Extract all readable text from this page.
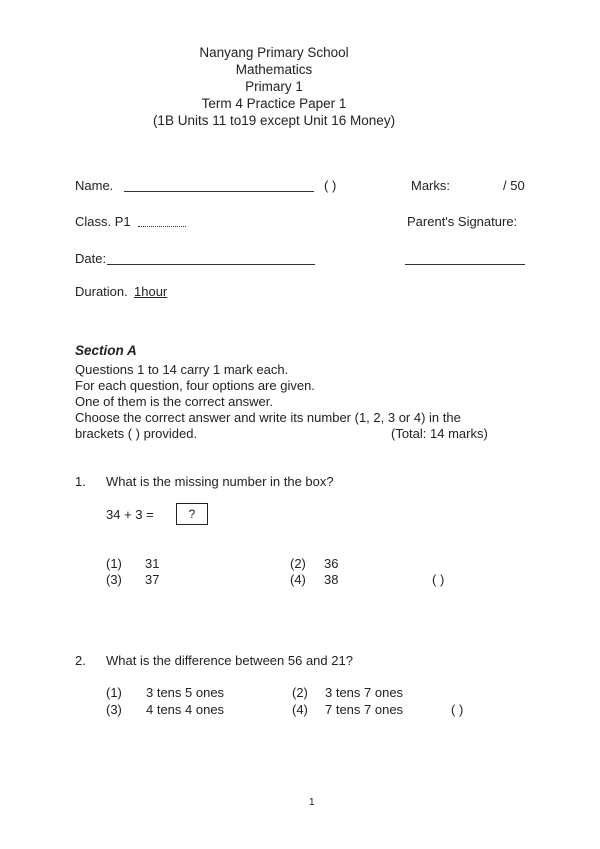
Nanyang Primary School
Mathematics
Primary 1
Term 4 Practice Paper 1
(1B Units 11 to19 except Unit 16 Money)
Name.	( )	Marks:	/ 50
Class. P1	Parent's Signature:
Date:
Duration. 1hour
Section A
Questions 1 to 14 carry 1 mark each.
For each question, four options are given.
One of them is the correct answer.
Choose the correct answer and write its number (1, 2, 3 or 4) in the
brackets ( ) provided.	(Total: 14 marks)
1. What is the missing number in the box?
34 + 3 =	?
(1) 31	(2) 36
(3) 37	(4) 38	( )
2. What is the difference between 56 and 21?
(1) 3 tens 5 ones	(2) 3 tens 7 ones
(3) 4 tens 4 ones	(4) 7 tens 7 ones	( )
1
